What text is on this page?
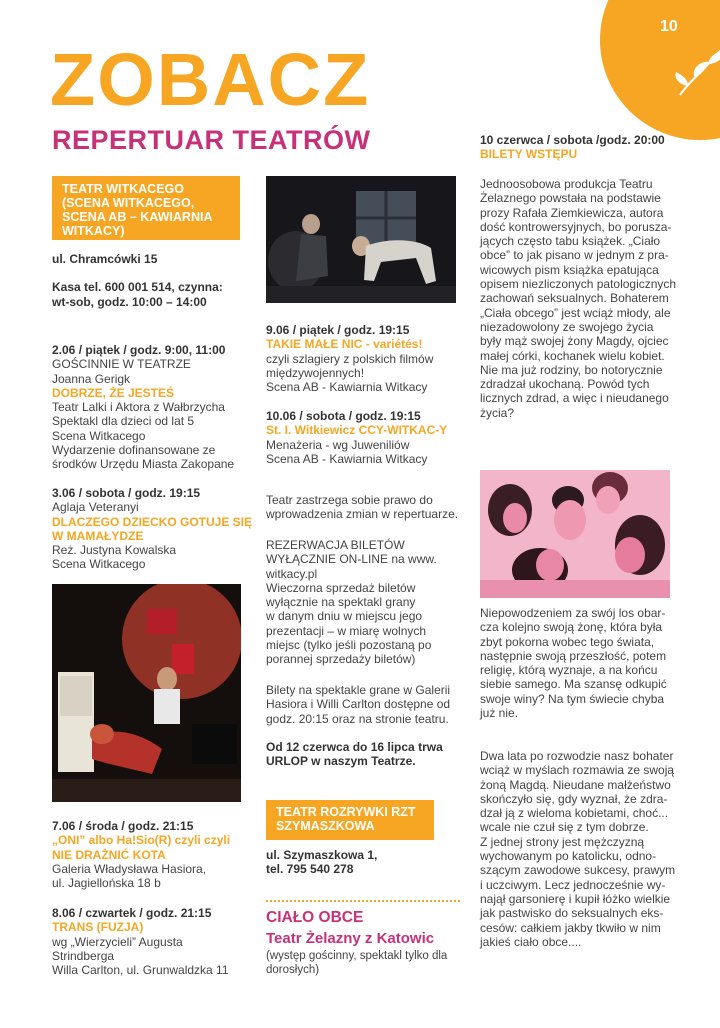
10
ZOBACZ
REPERTUAR TEATRÓW
TEATR WITKACEGO (SCENA WITKACEGO, SCENA AB – KAWIARNIA WITKACY)

ul. Chramcówki 15

Kasa tel. 600 001 514, czynna: wt-sob, godz. 10:00 – 14:00

2.06 / piątek / godz. 9:00, 11:00

GOŚCINNIE W TEATRZE

Joanna Gerigk

DOBRZE, ŻE JESTEŚ

Teatr Lalki i Aktora z Wałbrzycha

Spektakl dla dzieci od lat 5

Scena Witkacego

Wydarzenie dofinansowane ze

środków Urzędu Miasta Zakopane

3.06 / sobota / godz. 19:15

Aglaja Veteranyi

DLACZEGO DZIECKO GOTUJE SIĘ W MAMAŁYDZE

Reż. Justyna Kowalska

Scena Witkacego

7.06 / środa / godz. 21:15

„ONI” albo Ha!Sio(R) czyli czyli NIE DRAŻNIĆ KOTA

Galeria Władysława Hasiora,

ul. Jagiellońska 18 b

8.06 / czwartek / godz. 21:15

TRANS (FUZJA)

wg „Wierzycieli” Augusta

Strindberga

Willa Carlton, ul. Grunwaldzka 11

9.06 / piątek / godz. 19:15

TAKIE MAŁE NIC - variétés!

czyli szlagiery z polskich filmów

międzywojennych!

Scena AB - Kawiarnia Witkacy

10.06 / sobota / godz. 19:15

St. I. Witkiewicz CCY-WITKAC-Y

Menażeria - wg Juweniliów

Scena AB - Kawiarnia Witkacy

Teatr zastrzega sobie prawo do wprowadzenia zmian w repertuarze.

REZERWACJA BILETÓW

WYŁĄCZNIE ON-LINE na www.

witkacy.pl

Wieczorna sprzedaż biletów

wyłącznie na spektakl grany

w danym dniu w miejscu jego

prezentacji – w miarę wolnych

miejsc (tylko jeśli pozostaną po

porannej sprzedaży biletów)

Bilety na spektakle grane w Galerii

Hasiora i Willi Carlton dostępne od

godz. 20:15 oraz na stronie teatru.

Od 12 czerwca do 16 lipca trwa

URLOP w naszym Teatrze.

TEATR ROZRYWKI RZT SZYMASZKOWA

ul. Szymaszkowa 1,

tel. 795 540 278

CIAŁO OBCE
Teatr Żelazny z Katowic
(występ gościnny, spektakl tylko dla dorosłych)

10 czerwca / sobota /godz. 20:00

BILETY WSTĘPU

Jednoosobowa produkcja Teatru

Żelaznego powstała na podstawie

prozy Rafała Ziemkiewicza, autora

dość kontrowersyjnych, bo porusza-

jących często tabu książek. „Ciało

obce” to jak pisano w jednym z pra-

wicowych pism książka epatująca

opisem niezliczonych patologicznych

zachowań seksualnych. Bohaterem

„Ciała obcego” jest wciąż młody, ale

niezadowolony ze swojego życia

były mąż swojej żony Magdy, ojciec

małej córki, kochanek wielu kobiet.

Nie ma już rodziny, bo notorycznie

zdradzał ukochaną. Powód tych

licznych zdrad, a więc i nieudanego

życia?

Niepowodzeniem za swój los obar-

cza kolejno swoją żonę, która była

zbyt pokorna wobec tego świata,

następnie swoją przeszłość, potem

religię, którą wyznaje, a na końcu

siebie samego. Ma szansę odkupić

swoje winy? Na tym świecie chyba

już nie.

Dwa lata po rozwodzie nasz bohater

wciąż w myślach rozmawia ze swoją

żoną Magdą. Nieudane małżeństwo

skończyło się, gdy wyznał, że zdra-

dzał ją z wieloma kobietami, choć...

wcale nie czuł się z tym dobrze.

Z jednej strony jest mężczyzną

wychowanym po katolicku, odno-

szącym zawodowe sukcesy, prawym

i uczciwym. Lecz jednocześnie wy-

najął garsonierę i kupił łóżko wielkie

jak pastwisko do seksualnych eks-

cesów: całkiem jakby tkwiło w nim

jakieś ciało obce....
